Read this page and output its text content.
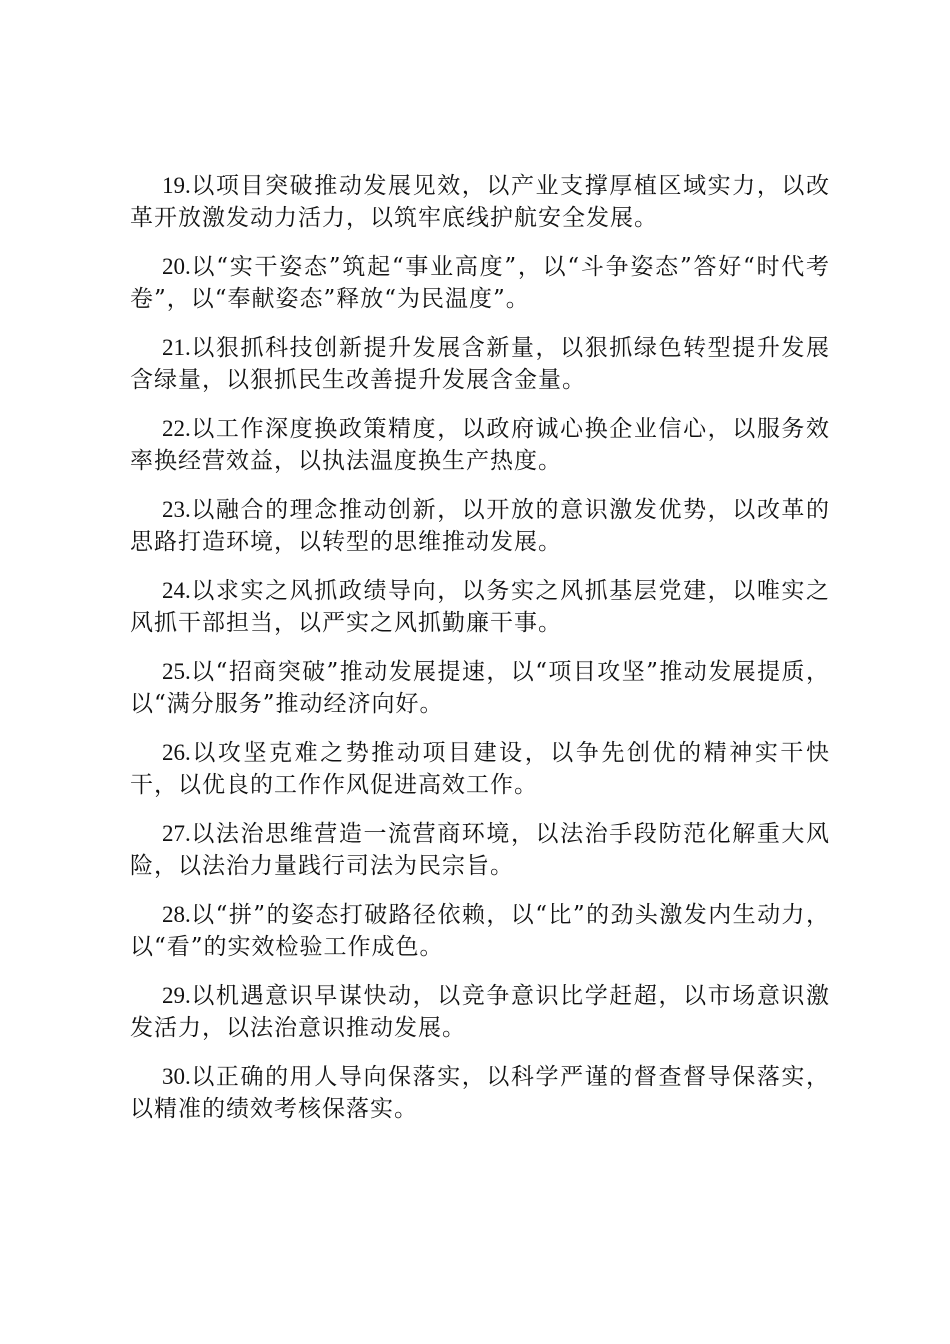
19.以项目突破推动发展见效，以产业支撑厚植区域实力，以改革开放激发动力活力，以筑牢底线护航安全发展。

20.以“实干姿态”筑起“事业高度”，以“斗争姿态”答好“时代考卷”，以“奉献姿态”释放“为民温度”。

21.以狠抓科技创新提升发展含新量，以狠抓绿色转型提升发展含绿量，以狠抓民生改善提升发展含金量。

22.以工作深度换政策精度，以政府诚心换企业信心，以服务效率换经营效益，以执法温度换生产热度。

23.以融合的理念推动创新，以开放的意识激发优势，以改革的思路打造环境，以转型的思维推动发展。

24.以求实之风抓政绩导向，以务实之风抓基层党建，以唯实之风抓干部担当，以严实之风抓勤廉干事。

25.以“招商突破”推动发展提速，以“项目攻坚”推动发展提质，以“满分服务”推动经济向好。

26.以攻坚克难之势推动项目建设，以争先创优的精神实干快干，以优良的工作作风促进高效工作。

27.以法治思维营造一流营商环境，以法治手段防范化解重大风险，以法治力量践行司法为民宗旨。

28.以“拼”的姿态打破路径依赖，以“比”的劲头激发内生动力，以“看”的实效检验工作成色。

29.以机遇意识早谋快动，以竞争意识比学赶超，以市场意识激发活力，以法治意识推动发展。

30.以正确的用人导向保落实，以科学严谨的督查督导保落实，以精准的绩效考核保落实。
